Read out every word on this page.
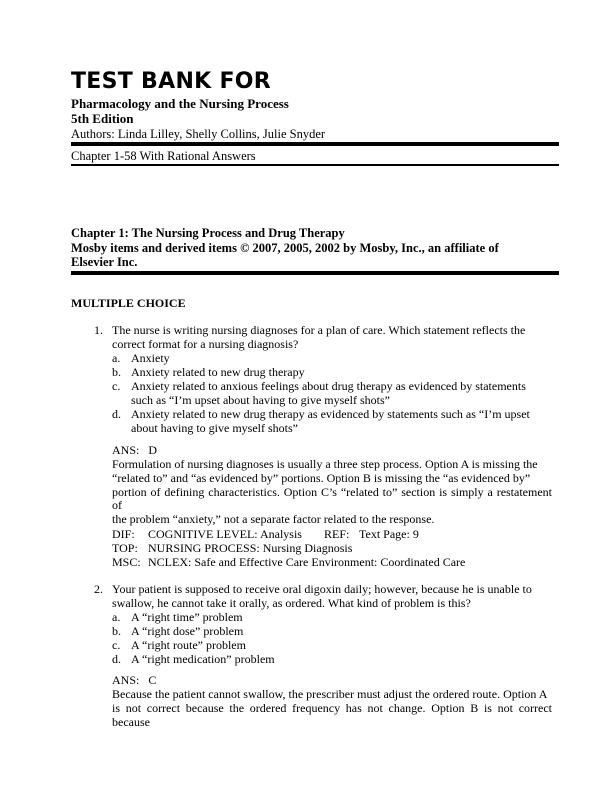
TEST BANK FOR
Pharmacology and the Nursing Process
5th Edition
Authors: Linda Lilley, Shelly Collins, Julie Snyder
Chapter 1-58 With Rational Answers
Chapter 1: The Nursing Process and Drug Therapy
Mosby items and derived items © 2007, 2005, 2002 by Mosby, Inc., an affiliate of
Elsevier Inc.
MULTIPLE CHOICE
1. The nurse is writing nursing diagnoses for a plan of care. Which statement reflects the
correct format for a nursing diagnosis?
a. Anxiety
b. Anxiety related to new drug therapy
c. Anxiety related to anxious feelings about drug therapy as evidenced by statements
such as “I’m upset about having to give myself shots”
d. Anxiety related to new drug therapy as evidenced by statements such as “I’m upset
about having to give myself shots”
ANS: D
Formulation of nursing diagnoses is usually a three step process. Option A is missing the
“related to” and “as evidenced by” portions. Option B is missing the “as evidenced by”
portion of defining characteristics. Option C’s “related to” section is simply a restatement of
the problem “anxiety,” not a separate factor related to the response.
DIF: COGNITIVE LEVEL: Analysis REF: Text Page: 9
TOP: NURSING PROCESS: Nursing Diagnosis
MSC: NCLEX: Safe and Effective Care Environment: Coordinated Care
2. Your patient is supposed to receive oral digoxin daily; however, because he is unable to
swallow, he cannot take it orally, as ordered. What kind of problem is this?
a. A “right time” problem
b. A “right dose” problem
c. A “right route” problem
d. A “right medication” problem
ANS: C
Because the patient cannot swallow, the prescriber must adjust the ordered route. Option A
is not correct because the ordered frequency has not change. Option B is not correct because
